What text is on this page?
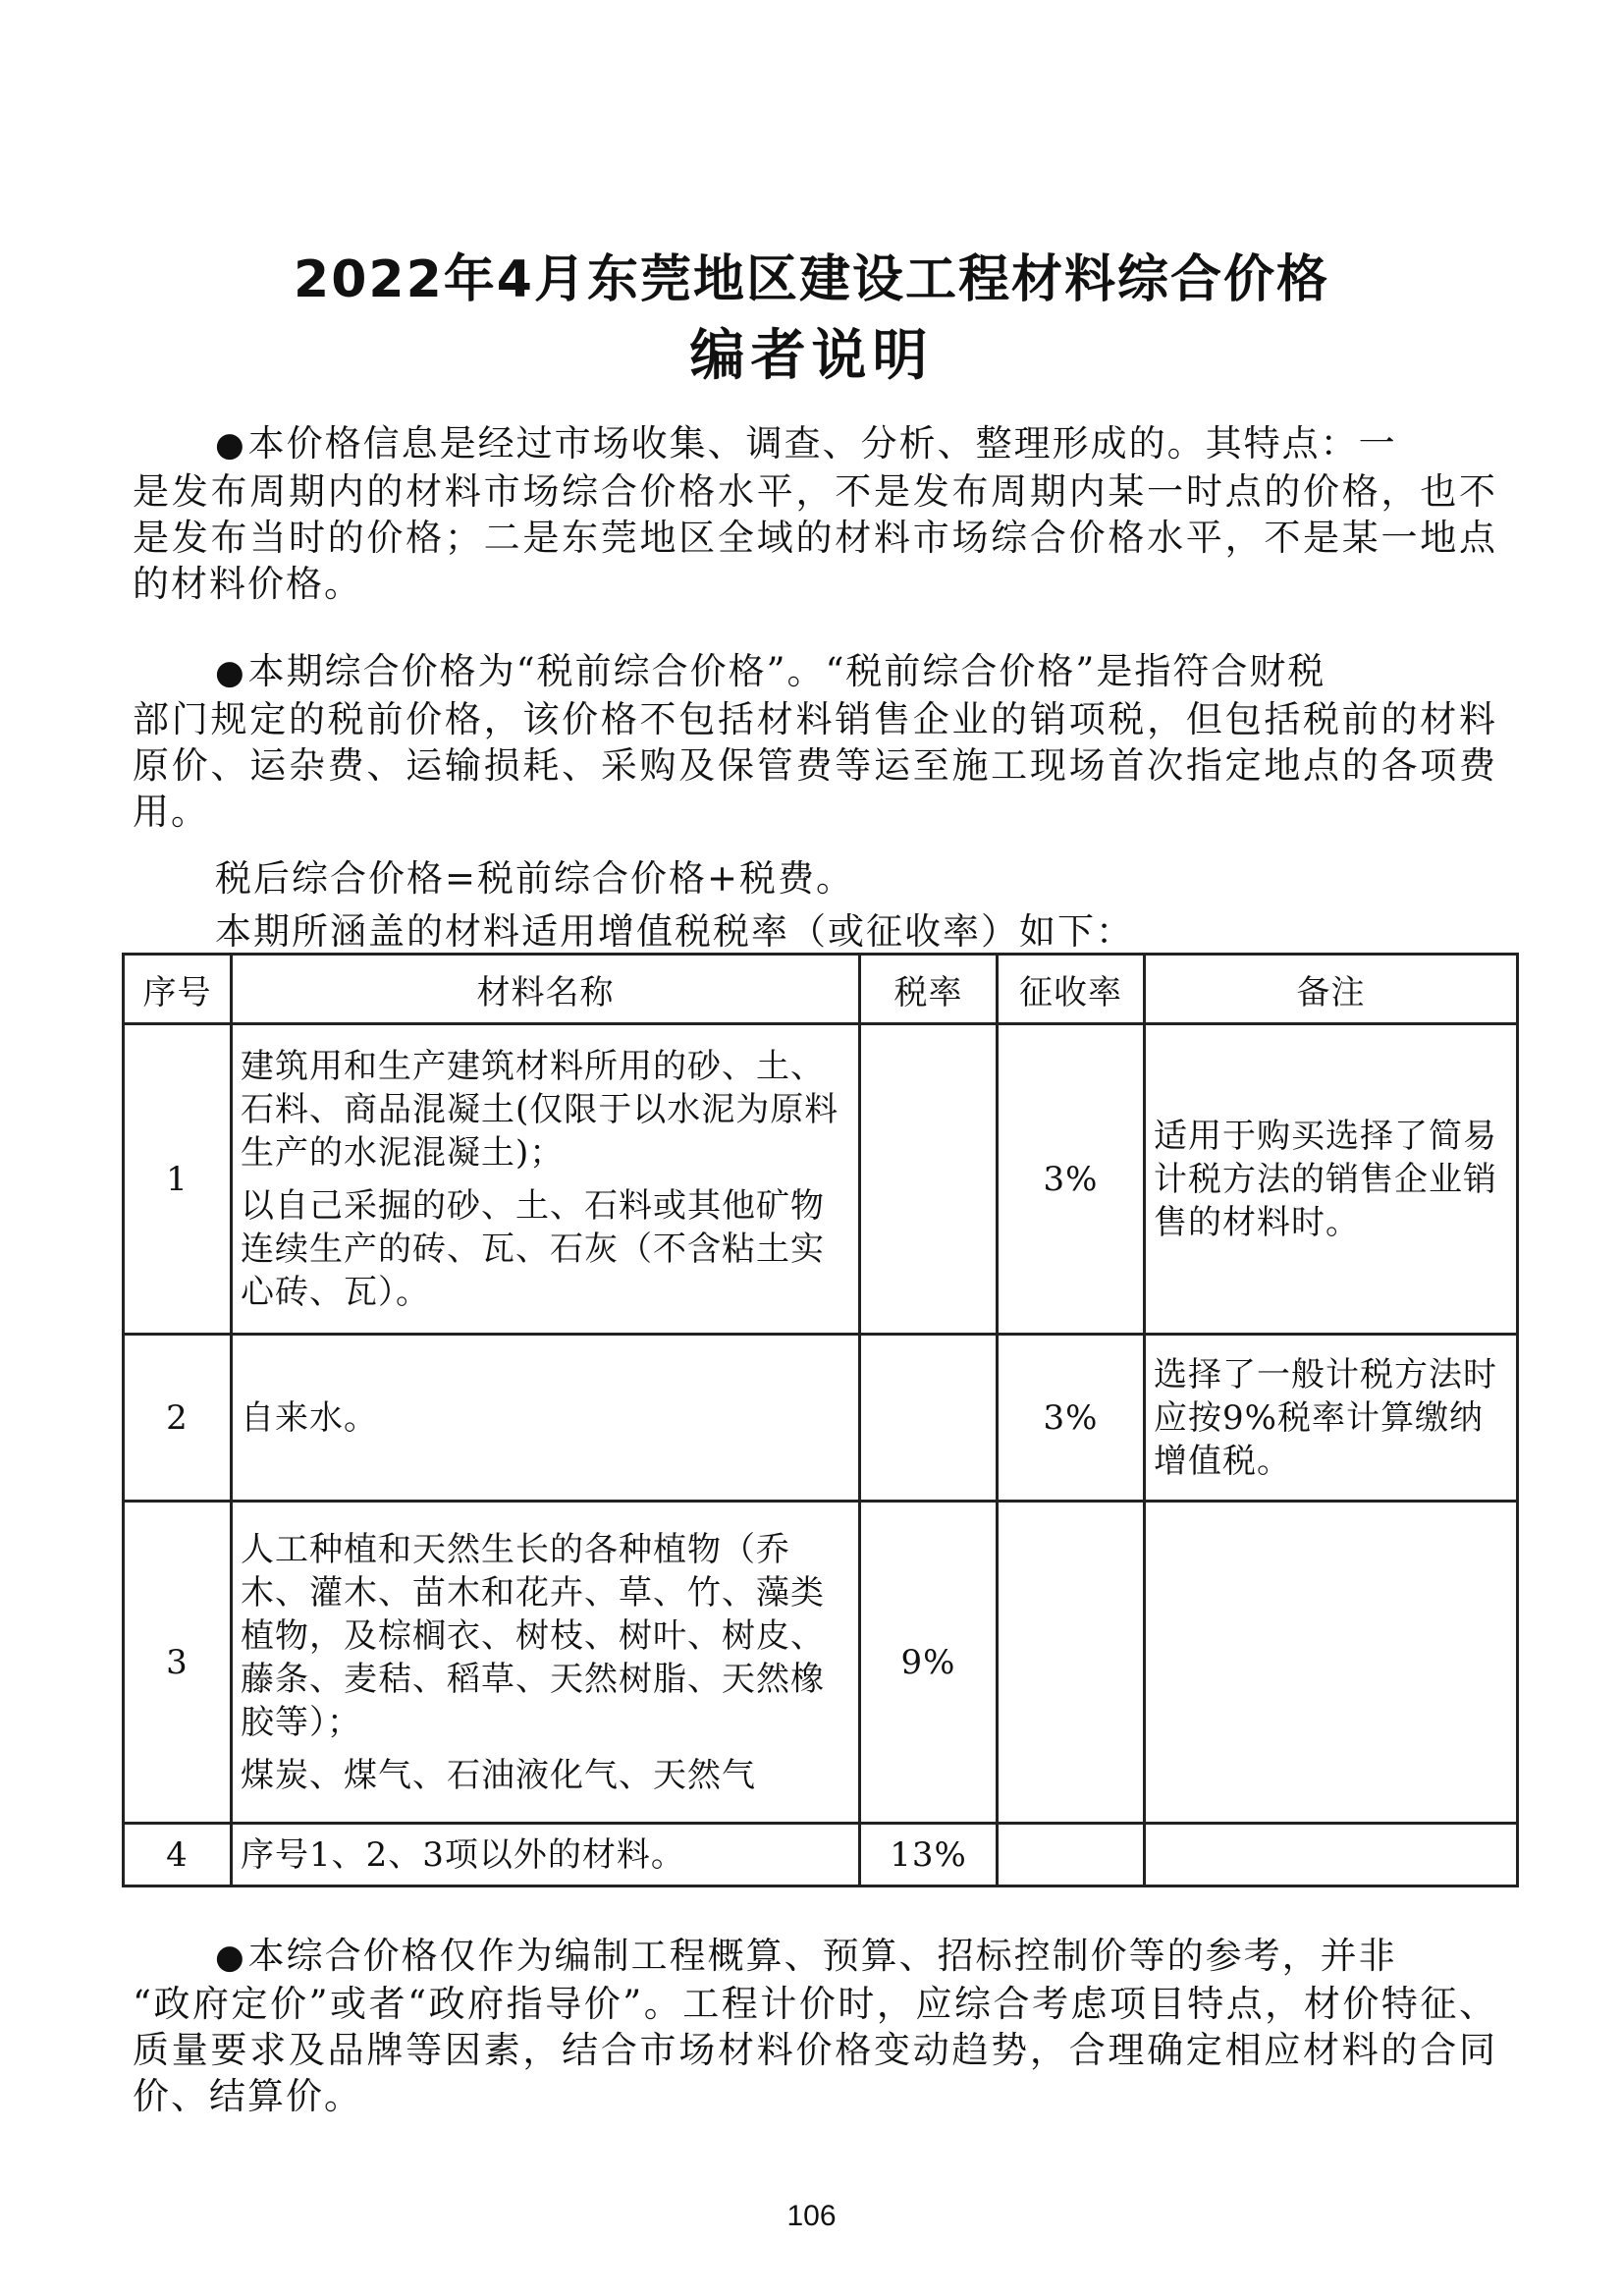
2022年4月东莞地区建设工程材料综合价格
编者说明
●本价格信息是经过市场收集、调查、分析、整理形成的。其特点：一
是发布周期内的材料市场综合价格水平，不是发布周期内某一时点的价格，也不是发布当时的价格；二是东莞地区全域的材料市场综合价格水平，不是某一地点的材料价格。
●本期综合价格为“税前综合价格”。“税前综合价格”是指符合财税
部门规定的税前价格，该价格不包括材料销售企业的销项税，但包括税前的材料原价、运杂费、运输损耗、采购及保管费等运至施工现场首次指定地点的各项费用。
税后综合价格=税前综合价格+税费。
本期所涵盖的材料适用增值税税率（或征收率）如下：
序号	材料名称	税率	征收率	备注
1	建筑用和生产建筑材料所用的砂、土、石料、商品混凝土(仅限于以水泥为原料生产的水泥混凝土)；
以自己采掘的砂、土、石料或其他矿物连续生产的砖、瓦、石灰（不含粘土实心砖、瓦）。		3%	适用于购买选择了简易计税方法的销售企业销售的材料时。
2	自来水。		3%	选择了一般计税方法时应按9%税率计算缴纳增值税。
3	人工种植和天然生长的各种植物（乔木、灌木、苗木和花卉、草、竹、藻类植物，及棕榈衣、树枝、树叶、树皮、藤条、麦秸、稻草、天然树脂、天然橡胶等）；
煤炭、煤气、石油液化气、天然气	9%		
4	序号1、2、3项以外的材料。	13%		
●本综合价格仅作为编制工程概算、预算、招标控制价等的参考，并非
“政府定价”或者“政府指导价”。工程计价时，应综合考虑项目特点，材价特征、质量要求及品牌等因素，结合市场材料价格变动趋势，合理确定相应材料的合同价、结算价。
106
